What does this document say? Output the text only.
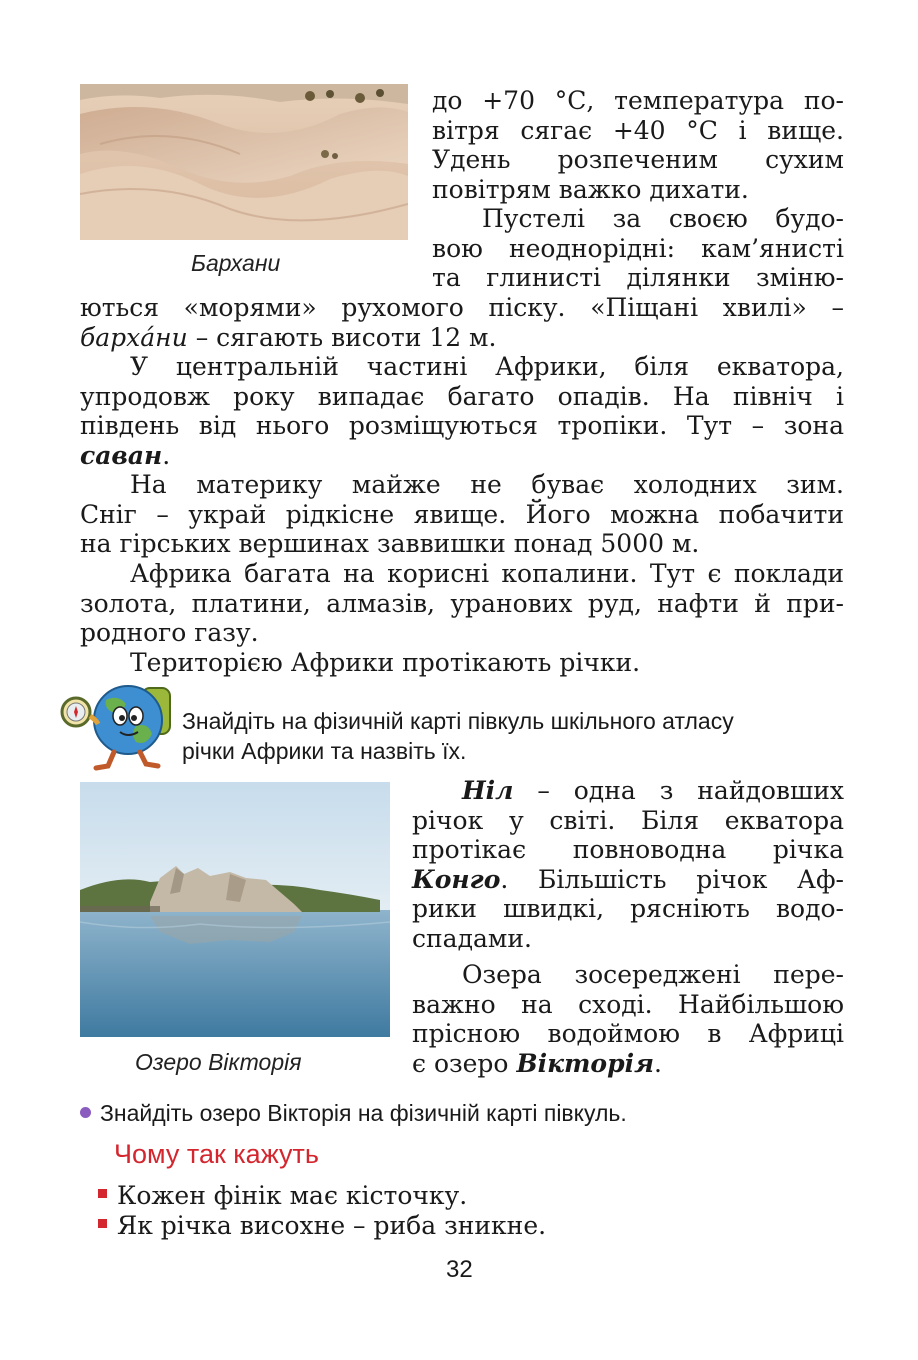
Бархани
до +70 °С, температура по-
вітря сягає +40 °С і вище.
Удень розпеченим сухим
повітрям важко дихати.
Пустелі за своєю будо-
вою неоднорідні: кам’янисті
та глинисті ділянки зміню-
ються «морями» рухомого піску. «Піщані хвилі» –
барха́ни – сягають висоти 12 м.
У центральній частині Африки, біля екватора,
упродовж року випадає багато опадів. На північ і
південь від нього розміщуються тропіки. Тут – зона
саван.
На материку майже не буває холодних зим.
Сніг – украй рідкісне явище. Його можна побачити
на гірських вершинах заввишки понад 5000 м.
Африка багата на корисні копалини. Тут є поклади
золота, платини, алмазів, уранових руд, нафти й при-
родного газу.
Територією Африки протікають річки.
Знайдіть на фізичній карті півкуль шкільного атласу
річки Африки та назвіть їх.
Озеро Вікторія
Ніл – одна з найдовших
річок у світі. Біля екватора
протікає повноводна річка
Конго. Більшість річок Аф-
рики швидкі, рясніють водо-
спадами.
Озера зосереджені пере-
важно на сході. Найбільшою
прісною водоймою в Африці
є озеро Вікторія.
Знайдіть озеро Вікторія на фізичній карті півкуль.
Чому так кажуть
Кожен фінік має кісточку.
Як річка висохне – риба зникне.
32
